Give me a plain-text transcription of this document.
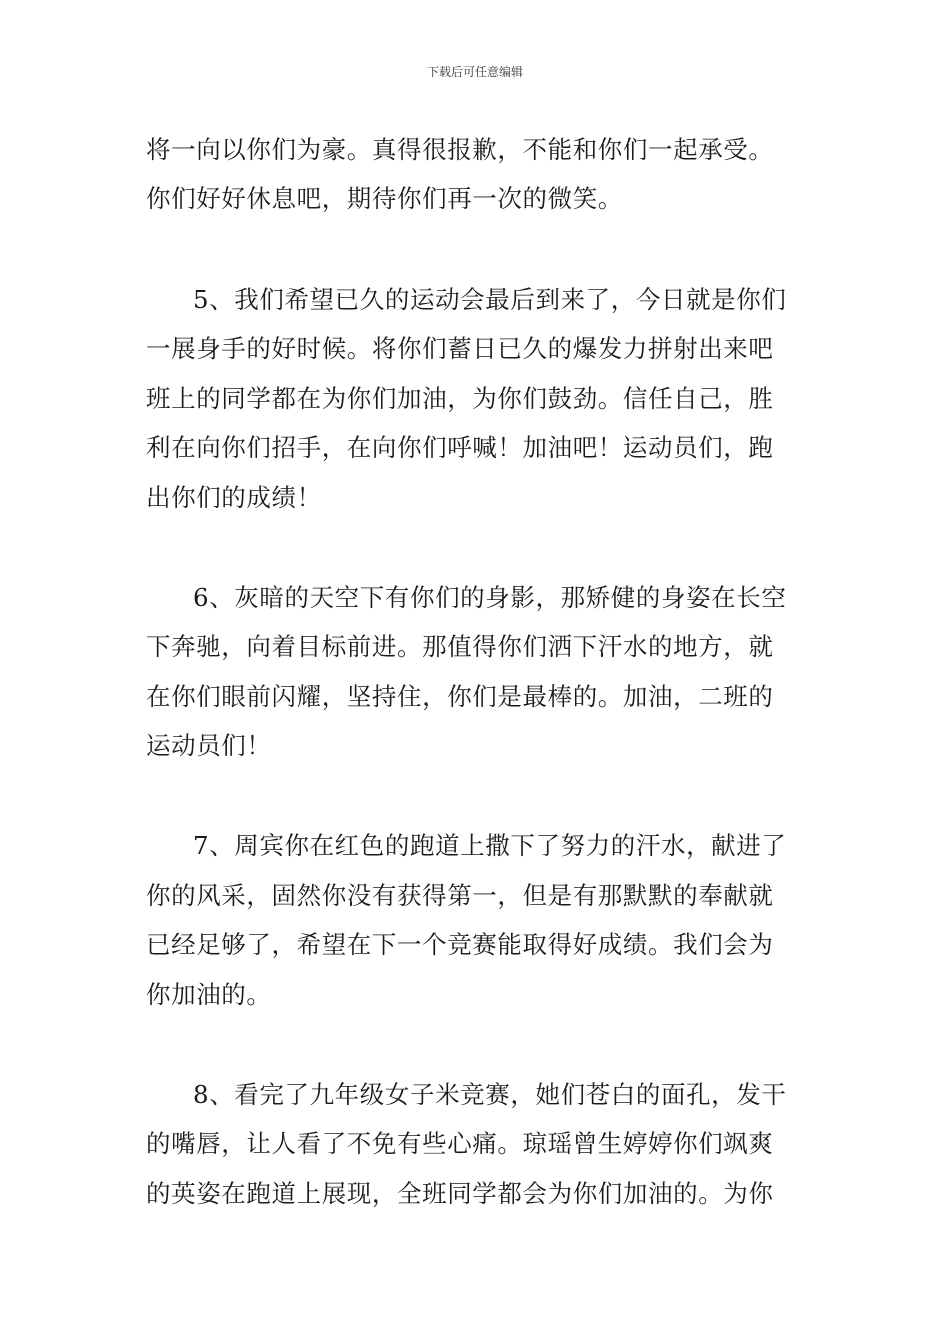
下载后可任意编辑
将一向以你们为豪。真得很报歉，不能和你们一起承受。
你们好好休息吧，期待你们再一次的微笑。
5、我们希望已久的运动会最后到来了，今日就是你们
一展身手的好时候。将你们蓄日已久的爆发力拼射出来吧
班上的同学都在为你们加油，为你们鼓劲。信任自己，胜
利在向你们招手，在向你们呼喊！加油吧！运动员们，跑
出你们的成绩！
6、灰暗的天空下有你们的身影，那矫健的身姿在长空
下奔驰，向着目标前进。那值得你们洒下汗水的地方，就
在你们眼前闪耀，坚持住，你们是最棒的。加油，二班的
运动员们！
7、周宾你在红色的跑道上撒下了努力的汗水，献进了
你的风采，固然你没有获得第一，但是有那默默的奉献就
已经足够了，希望在下一个竞赛能取得好成绩。我们会为
你加油的。
8、看完了九年级女子米竞赛，她们苍白的面孔，发干
的嘴唇，让人看了不免有些心痛。琼瑶曾生婷婷你们飒爽
的英姿在跑道上展现，全班同学都会为你们加油的。为你
